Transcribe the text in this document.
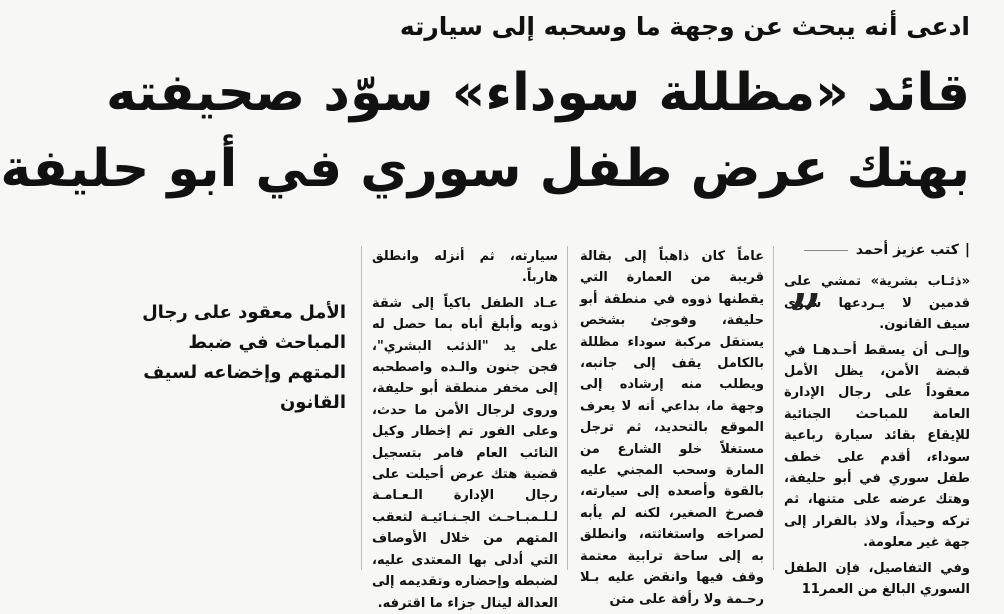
ادعى أنه يبحث عن وجهة ما وسحبه إلى سيارته
قائد «مظللة سوداء» سوّد صحيفته
بهتك عرض طفل سوري في أبو حليفة
| كتب عزيز أحمد

«ذئـاب بشرية» تمشي على قدمين لا يـردعها سـوى سيف القانون.

وإلـى أن يسقط أحـدهـا في قبضة الأمن، يظل الأمل معقوداً على رجال الإدارة العامة للمباحث الجنائية للإيقاع بقائد سيارة رباعية سوداء، أقدم على خطف طفل سوري في أبو حليفة، وهتك عرضه على متنها، ثم تركه وحيداً، ولاذ بالفرار إلى جهة غير معلومة.

وفي التفاصيل، فإن الطفل السوري البالغ من العمر11

عاماً كان ذاهباً إلى بقالة قريبة من العمارة التي يقطنها ذووه في منطقة أبو حليفة، وفوجئ بشخص يستقل مركبة سوداء مظللة بالكامل يقف إلى جانبه، ويطلب منه إرشاده إلى وجهة ما، بداعي أنه لا يعرف الموقع بالتحديد، ثم ترجل مستغلاً خلو الشارع من المارة وسحب المجني عليه بالقوة وأصعده إلى سيارته، فصرخ الصغير، لكنه لم يأبه لصراخه واستغاثته، وانطلق به إلى ساحة ترابية معتمة وقف فيها وانقض عليه بـلا رحـمة ولا رأفة على متن

سيارته، ثم أنزله وانطلق هارباً.

عـاد الطفل باكياً إلى شقة ذويه وأبلغ أباه بما حصل له على يد "الذئب البشري"، فجن جنون والـده واصطحبه إلى مخفر منطقة أبو حليفة، وروى لرجال الأمن ما حدث، وعلى الفور تم إخطار وكيل النائب العام فامر بتسجيل قضية هتك عرض أحيلت على رجال الإدارة الـعـامـة لـلـمبـاحـث الجـنـائيـة لتعقب المتهم من خلال الأوصاف التي أدلى بها المعتدى عليه، لضبطه وإحضاره وتقديمه إلى العدالة لينال جزاء ما اقترفه.

„

الأمل معقود على رجال المباحث في ضبط المتهم وإخضاعه لسيف القانون
